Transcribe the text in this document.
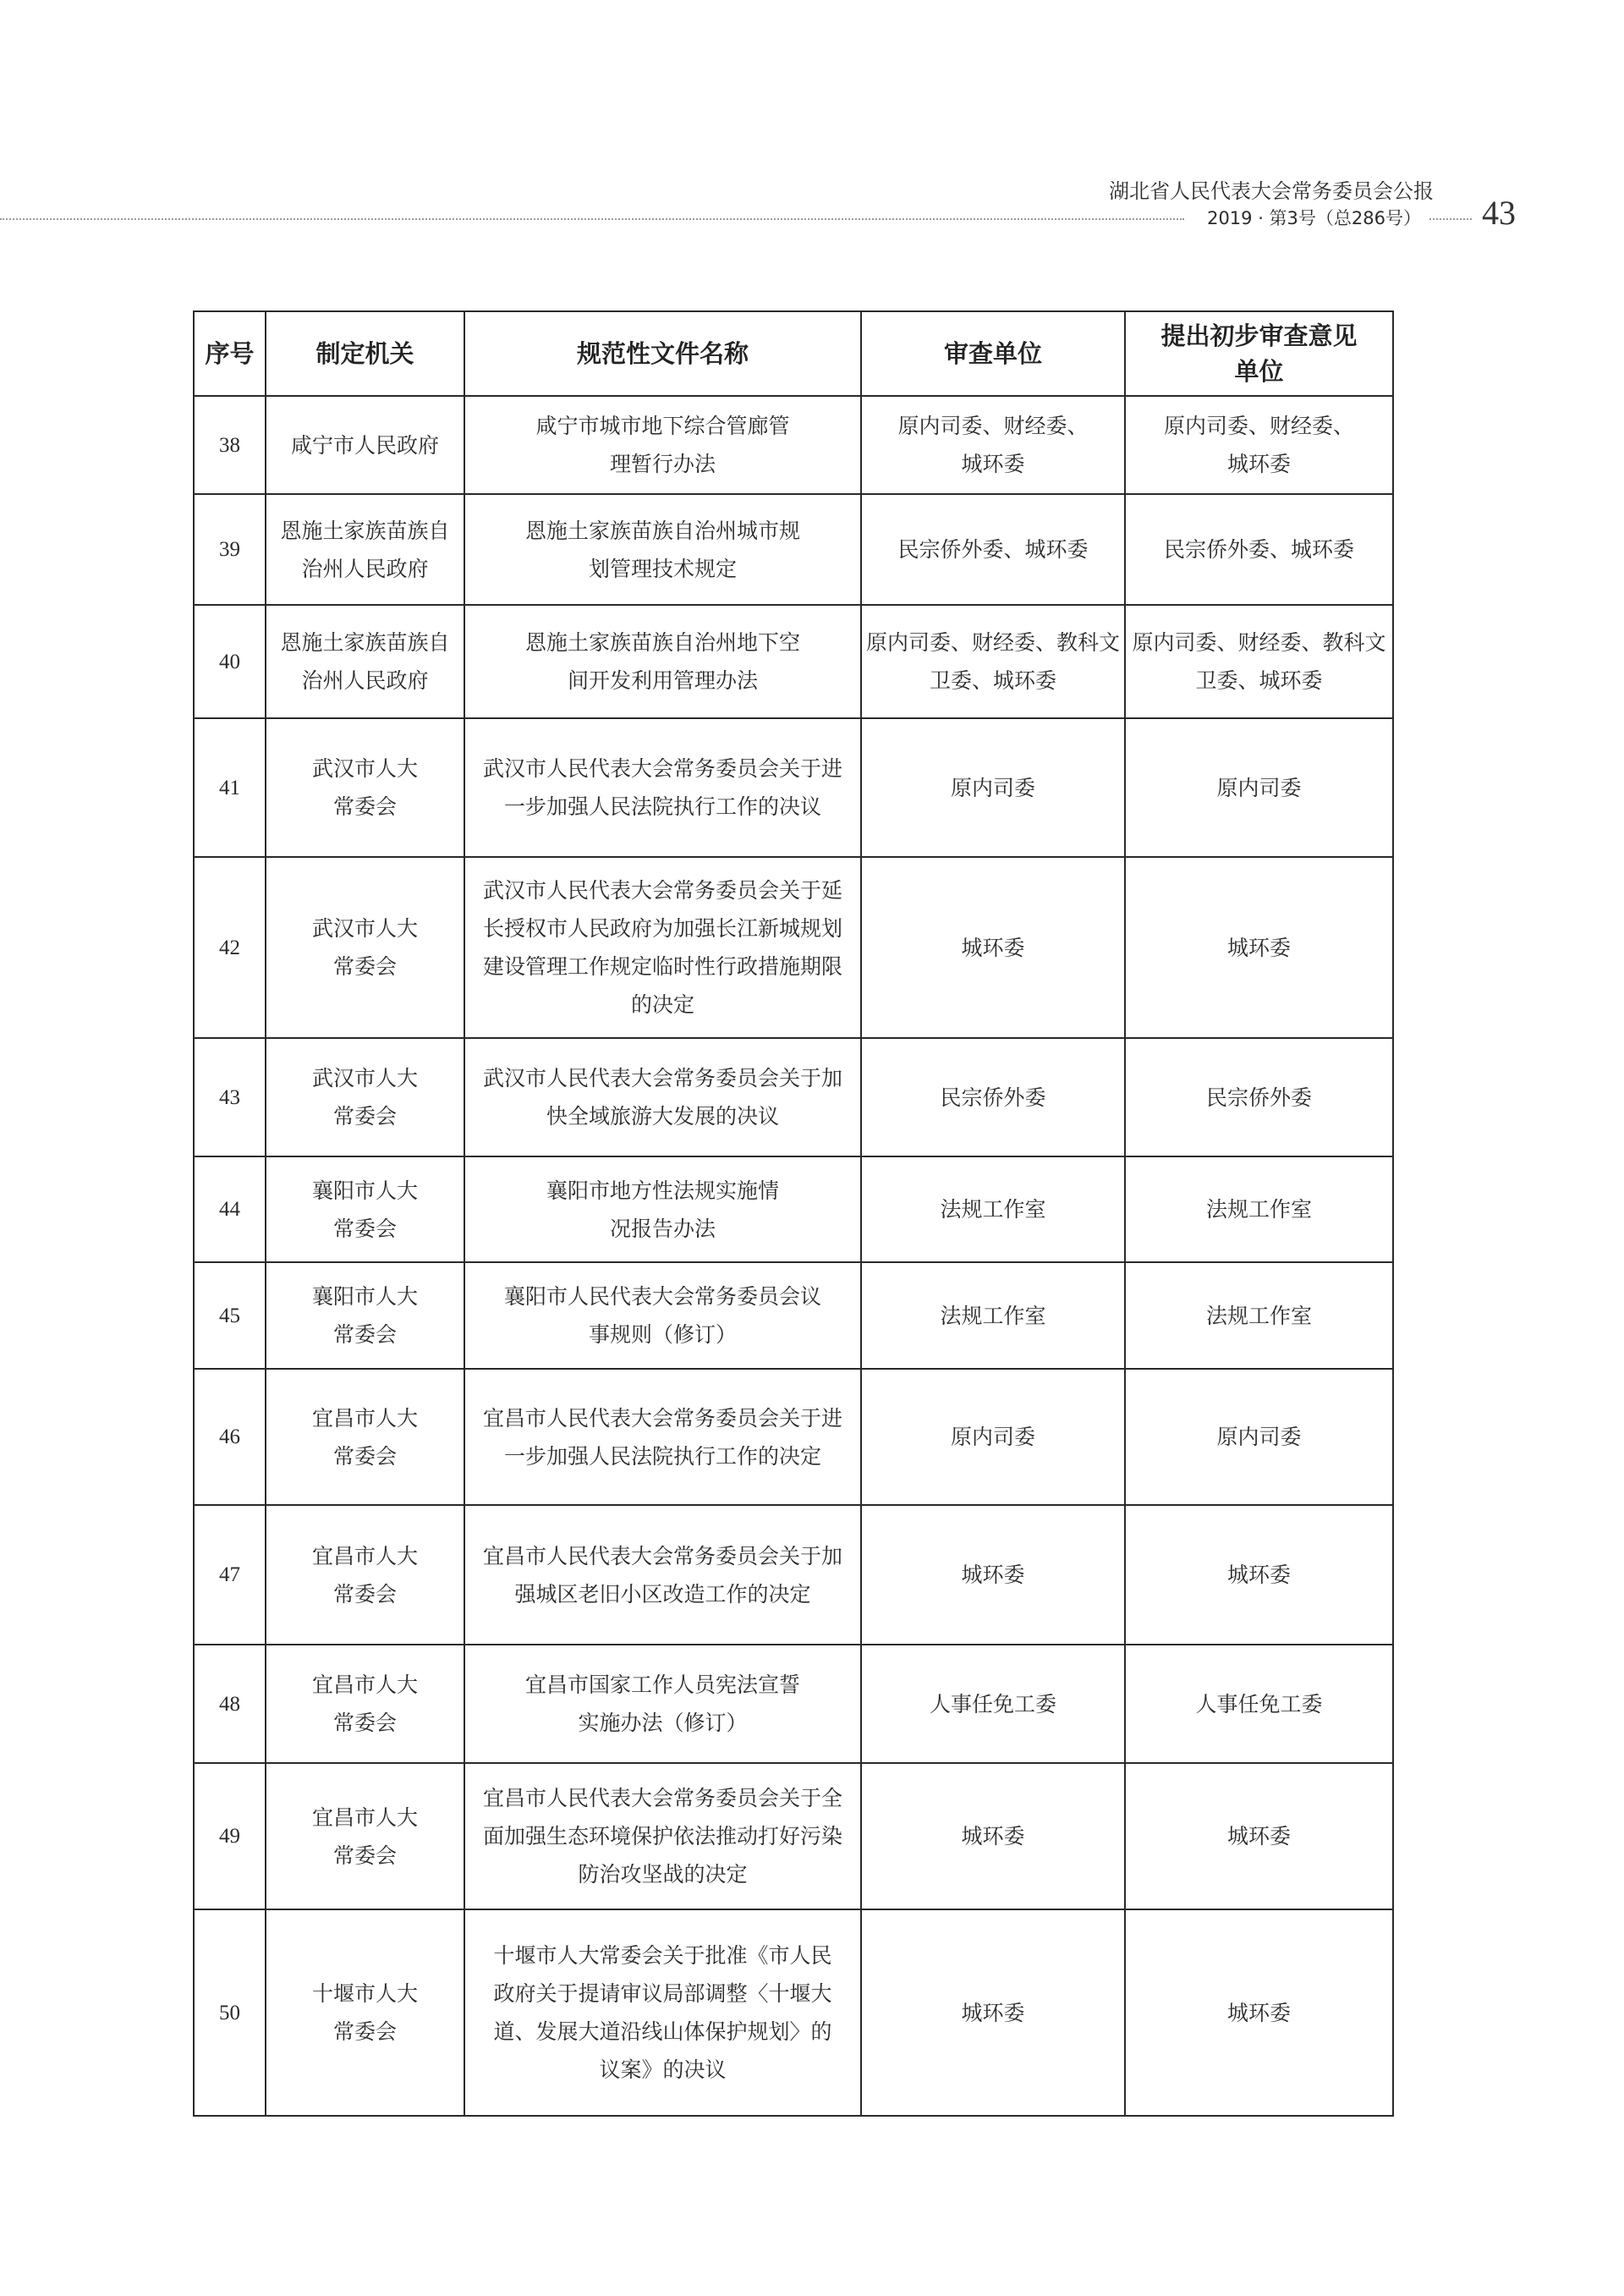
湖北省人民代表大会常务委员会公报
2019 · 第3号（总286号） 43
序号	制定机关	规范性文件名称	审查单位	提出初步审查意见单位
38	咸宁市人民政府	咸宁市城市地下综合管廊管理暂行办法	原内司委、财经委、城环委	原内司委、财经委、城环委
39	恩施土家族苗族自治州人民政府	恩施土家族苗族自治州城市规划管理技术规定	民宗侨外委、城环委	民宗侨外委、城环委
40	恩施土家族苗族自治州人民政府	恩施土家族苗族自治州地下空间开发利用管理办法	原内司委、财经委、教科文卫委、城环委	原内司委、财经委、教科文卫委、城环委
41	武汉市人大常委会	武汉市人民代表大会常务委员会关于进一步加强人民法院执行工作的决议	原内司委	原内司委
42	武汉市人大常委会	武汉市人民代表大会常务委员会关于延长授权市人民政府为加强长江新城规划建设管理工作规定临时性行政措施期限的决定	城环委	城环委
43	武汉市人大常委会	武汉市人民代表大会常务委员会关于加快全域旅游大发展的决议	民宗侨外委	民宗侨外委
44	襄阳市人大常委会	襄阳市地方性法规实施情况报告办法	法规工作室	法规工作室
45	襄阳市人大常委会	襄阳市人民代表大会常务委员会议事规则（修订）	法规工作室	法规工作室
46	宜昌市人大常委会	宜昌市人民代表大会常务委员会关于进一步加强人民法院执行工作的决定	原内司委	原内司委
47	宜昌市人大常委会	宜昌市人民代表大会常务委员会关于加强城区老旧小区改造工作的决定	城环委	城环委
48	宜昌市人大常委会	宜昌市国家工作人员宪法宣誓实施办法（修订）	人事任免工委	人事任免工委
49	宜昌市人大常委会	宜昌市人民代表大会常务委员会关于全面加强生态环境保护依法推动打好污染防治攻坚战的决定	城环委	城环委
50	十堰市人大常委会	十堰市人大常委会关于批准《市人民政府关于提请审议局部调整〈十堰大道、发展大道沿线山体保护规划〉的议案》的决议	城环委	城环委
